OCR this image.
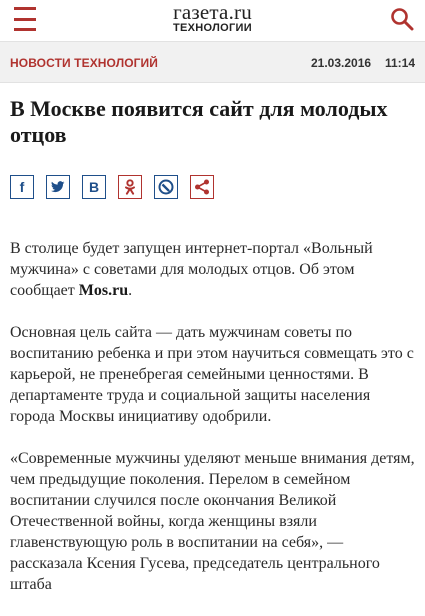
газета.ru
ТЕХНОЛОГИИ
НОВОСТИ ТЕХНОЛОГИЙ	21.03.2016 11:14
В Москве появится сайт для молодых отцов
f	В

В столице будет запущен интернет-портал «Вольный мужчина» с советами для молодых отцов. Об этом сообщает Mos.ru.

Основная цель сайта — дать мужчинам советы по воспитанию ребенка и при этом научиться совмещать это с карьерой, не пренебрегая семейными ценностями. В департаменте труда и социальной защиты населения города Москвы инициативу одобрили.

«Современные мужчины уделяют меньше внимания детям, чем предыдущие поколения. Перелом в семейном воспитании случился после окончания Великой Отечественной войны, когда женщины взяли главенствующую роль в воспитании на себя», — рассказала Ксения Гусева, председатель центрального штаба
